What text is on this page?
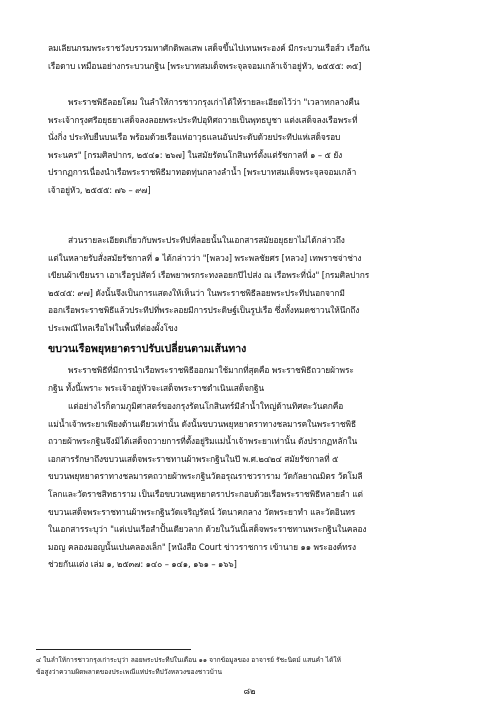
ลมเลียนกรมพระราชวังบรวรมหาศักดิพลเสพ เสด็จขึ้นไปเทนพระองค์ มีกระบวนเรือส์ว เรือกัน
เรือดาบ เหมือนอย่างกระบวนกฐิน [พระบาทสมเด็จพระจุลจอมเกล้าเจ้าอยู่หัว, ๒๕๕๕: ๓๕]

พระราชพิธีลอยโคม ในลำให้การชาวกรุงเก่าได้ให้รายละเอียดไว้ว่า "เวลาทกลางคืน
พระเจ้ากรุงศรีอยุธยาเสด็จลงลอยพระประทีปอุทิศถวายเป็นพุทธบูชา แต่งเสด็จลงเรือพระที่
นั่งกิ่ง ประทับยืนบนเรือ พร้อมด้วยเรือแห่อาวุธแลนอันประดับด้วยประทีปแห่เสด็จรอบ
พระนคร" [กรมศิลปากร, ๒๕๔๑: ๒๖๗] ในสมัยรัตนโกสินทร์ตั้งแต่รัชกาลที่ ๑ – ๕ ยัง
ปรากฏการเนื่องนำเรือพระราชพิธีมาทอดทุ่นกลางลำน้ำ [พระบาทสมเด็จพระจุลจอมเกล้า
เจ้าอยู่หัว, ๒๕๕๕: ๗๖ – ๙๗]

ส่วนรายละเอียดเกี่ยวกับพระประทีปที่ลอยนั้นในเอกสารสมัยอยุธยาไม่ได้กล่าวถึง
แต่ในหลายรับสั่งสมัยรัชกาลที่ ๑ ได้กล่าวว่า "[พลวง] พระพลชัยศร [หลวง] เทพราชจ่าช่าง
เขียนผ้าเขียนรา เอาเรือรูปสัตว์ เรือพยาพรกระทงลอยกปีไปส่ง ณ เรือพระที่นั่ง" [กรมศิลปากร
๒๕๔๕: ๙๗] ดังนั้นจึงเป็นการแสดงให้เห็นว่า ในพระราชพิธีลอยพระประทีปนอกจากมี
ออกเรือพระราชพิธีแล้วประทีปที่พระลอยมีการประดิษฐ์เป็นรูปเรือ ซึ่งทั้งหมดชาวนให้นึกถึง
ประเพณีไหลเรือไฟในพื้นที่ต่องผั้งโขง

ขบวนเรือพยุหยาตราปรับเปลี่ยนตามเส้นทาง

พระราชพิธีที่มีการนำเรือพระราชพิธีออกมาใช้มากที่สุดคือ พระราชพิธีถวายผ้าพระ
กฐิน ทั้งนี้เพราะ พระเจ้าอยู่หัวจะเสด็จพระราชดำเนินเสด็จกฐิน

แต่อย่างไรก็ตามภูมิศาสตร์ของกรุงรัตนโกสินทร์มีลำน้ำใหญ่ด้านทิศตะวันตกคือ
แม่น้ำเจ้าพระยาเพียงด้านเดียวเท่านั้น ดังนั้นขบวนพยุหยาตราทางชลมารคในพระราชพิธี
ถวายผ้าพระกฐินจึงมิได้เสด็จถวายการที่ตั้งอยู่ริมแม่น้ำเจ้าพระยาเท่านั้น ดังปรากฏหลักใน
เอกสารรักษาถึงขบวนเสด็จพระราชทานผ้าพระกฐินในปี พ.ศ.๒๔๒๔ สมัยรัชกาลที่ ๕
ขบวนพยุหยาตราทางชลมารคถวายผ้าพระกฐินวัดอรุณราชวราราม วัดกัลยาณมิตร วัดโมลี
โลกและวัดราชสิทธาราม เป็นเรือขบวนพยุหยาตราประกอบด้วยเรือพระราชพิธีหลายลำ แต่
ขบวนเสด็จพระราชทานผ้าพระกฐินวัดเจริญรัตน์ วัดนาคกลาง วัดพระยาทำ และวัดอินทร
ในเอกสารระบุว่า "แต่เปนเรือสำปั้นเดียวลาก ด้วยในวันนี้เสด็จพระราชทานพระกฐินในคลอง
มอญ คลองมอญนั้นเปนคลองเล็ก" [หนังสือ Court ข่าวราชการ เข้านาย ๑๑ พระองค์ทรง
ช่วยกันแต่ง เล่ม ๑, ๒๕๓๗: ๑๔๐ – ๑๔๑, ๑๖๑ – ๑๖๖]

๔ ในลำให้การชาวกรุงเก่าระบุว่า ลอยพระประทีปในเดือน ๑๑ จากข้อมูลของ อาจารย์ รัชะนิดม์ แสนคำ ได้ให้
ข้อสูงว่าความผิดพลาดของประเพณีแห่ประทีปวังหลวงของชาวบ้าน

๘๒
